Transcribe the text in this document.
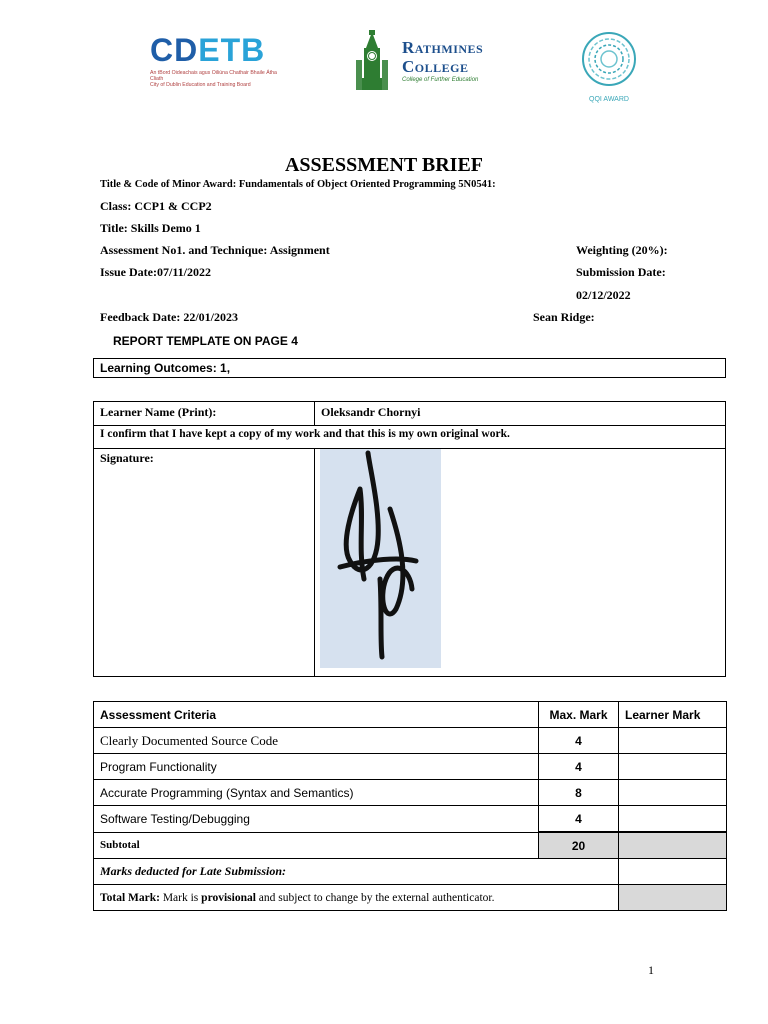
CDETB
An tBord Oideachais agus Oiliúna Chathair Bhaile Átha Cliath
City of Dublin Education and Training Board
Rathmines
College
College of Further Education
QQI AWARD
ASSESSMENT BRIEF
Title & Code of Minor Award: Fundamentals of Object Oriented Programming 5N0541:
Class: CCP1 & CCP2
Title: Skills Demo 1
Assessment No1. and Technique: Assignment	Weighting (20%):
Issue Date:07/11/2022	Submission Date:
02/12/2022
Feedback Date: 22/01/2023	Sean Ridge:
REPORT TEMPLATE ON PAGE 4
Learning Outcomes: 1,
Learner Name (Print):	Oleksandr Chornyi
I confirm that I have kept a copy of my work and that this is my own original work.
Signature:
Assessment Criteria	Max. Mark	Learner Mark
Clearly Documented Source Code	4	
Program Functionality	4	
Accurate Programming (Syntax and Semantics)	8	
Software Testing/Debugging	4	
Subtotal	20	
Marks deducted for Late Submission:		
Total Mark: Mark is provisional and subject to change by the external authenticator.		
1
